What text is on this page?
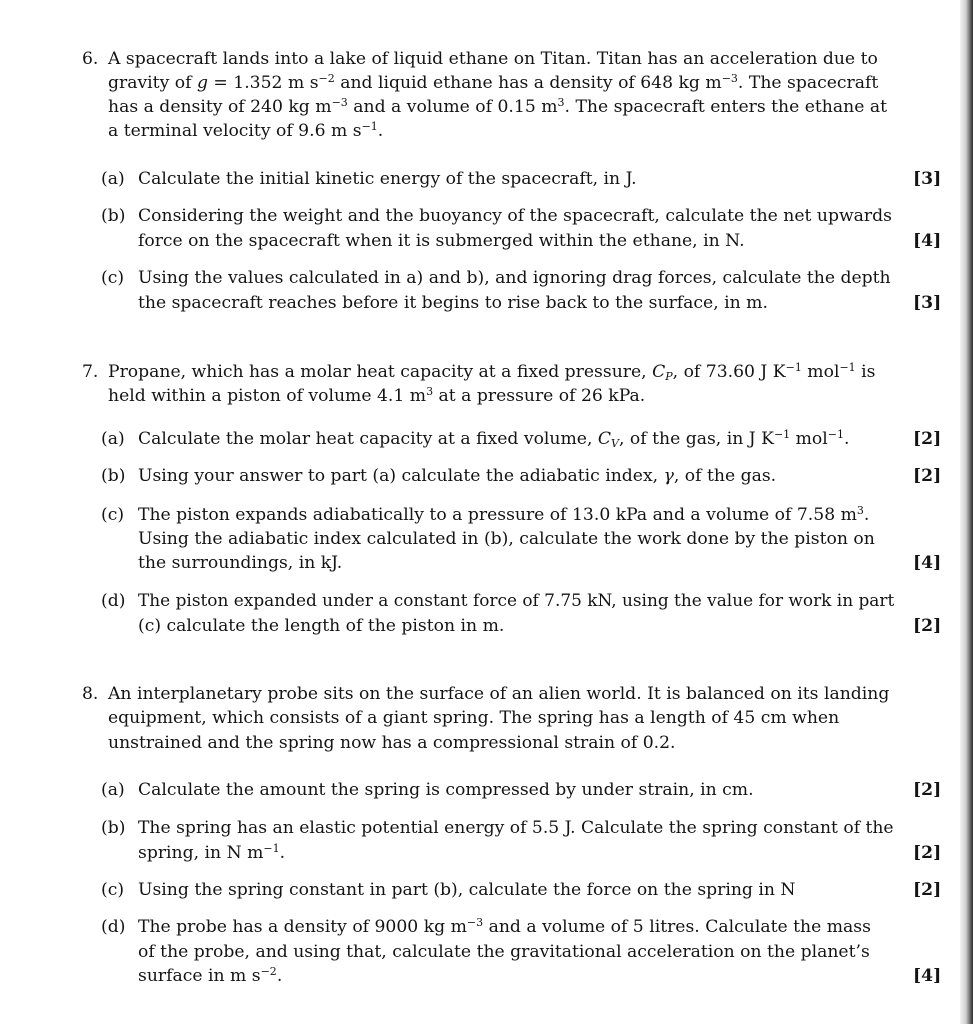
6. A spacecraft lands into a lake of liquid ethane on Titan. Titan has an acceleration due to
gravity of g = 1.352 m $s^{-2}$ and liquid ethane has a density of 648 kg $m^{-3}$. The spacecraft
has a density of 240 kg $m^{-3}$ and a volume of 0.15 $m^3$. The spacecraft enters the ethane at
a terminal velocity of 9.6 m $s^{-1}$.
(a) Calculate the initial kinetic energy of the spacecraft, in J.	[3]
(b) Considering the weight and the buoyancy of the spacecraft, calculate the net upwards
force on the spacecraft when it is submerged within the ethane, in N.	[4]
(c) Using the values calculated in a) and b), and ignoring drag forces, calculate the depth
the spacecraft reaches before it begins to rise back to the surface, in m.	[3]
7. Propane, which has a molar heat capacity at a fixed pressure, $C_P$, of 73.60 J $K^{-1}$ mol$^{-1}$ is
held within a piston of volume 4.1 $m^3$ at a pressure of 26 kPa.
(a) Calculate the molar heat capacity at a fixed volume, $C_V$, of the gas, in J $K^{-1}$ mol$^{-1}$.	[2]
(b) Using your answer to part (a) calculate the adiabatic index, γ, of the gas.	[2]
(c) The piston expands adiabatically to a pressure of 13.0 kPa and a volume of 7.58 $m^3$.
Using the adiabatic index calculated in (b), calculate the work done by the piston on
the surroundings, in kJ.	[4]
(d) The piston expanded under a constant force of 7.75 kN, using the value for work in part
(c) calculate the length of the piston in m.	[2]
8. An interplanetary probe sits on the surface of an alien world. It is balanced on its landing
equipment, which consists of a giant spring. The spring has a length of 45 cm when
unstrained and the spring now has a compressional strain of 0.2.
(a) Calculate the amount the spring is compressed by under strain, in cm.	[2]
(b) The spring has an elastic potential energy of 5.5 J. Calculate the spring constant of the
spring, in N $m^{-1}$.	[2]
(c) Using the spring constant in part (b), calculate the force on the spring in N	[2]
(d) The probe has a density of 9000 kg $m^{-3}$ and a volume of 5 litres. Calculate the mass
of the probe, and using that, calculate the gravitational acceleration on the planet’s
surface in m $s^{-2}$.	[4]
